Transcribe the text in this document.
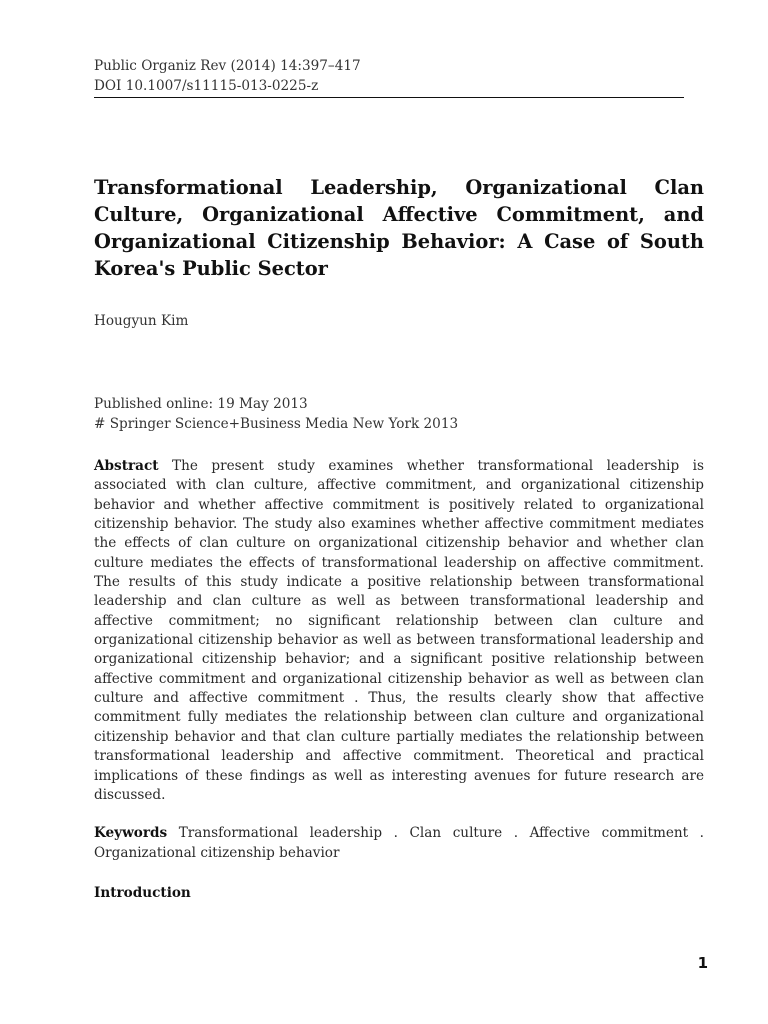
Public Organiz Rev (2014) 14:397–417
DOI 10.1007/s11115-013-0225-z
Transformational Leadership, Organizational Clan Culture, Organizational Affective Commitment, and Organizational Citizenship Behavior: A Case of South Korea's Public Sector
Hougyun Kim
Published online: 19 May 2013
# Springer Science+Business Media New York 2013

Abstract The present study examines whether transformational leadership is associated with clan culture, affective commitment, and organizational citizenship behavior and whether affective commitment is positively related to organizational citizenship behavior. The study also examines whether affective commitment mediates the effects of clan culture on organizational citizenship behavior and whether clan culture mediates the effects of transformational leadership on affective commitment. The results of this study indicate a positive relationship between transformational leadership and clan culture as well as between transformational leadership and affective commitment; no significant relationship between clan culture and organizational citizenship behavior as well as between transformational leadership and organizational citizenship behavior; and a significant positive relationship between affective commitment and organizational citizenship behavior as well as between clan culture and affective commitment . Thus, the results clearly show that affective commitment fully mediates the relationship between clan culture and organizational citizenship behavior and that clan culture partially mediates the relationship between transformational leadership and affective commitment. Theoretical and practical implications of these findings as well as interesting avenues for future research are discussed.

Keywords Transformational leadership . Clan culture . Affective commitment . Organizational citizenship behavior

Introduction
1
